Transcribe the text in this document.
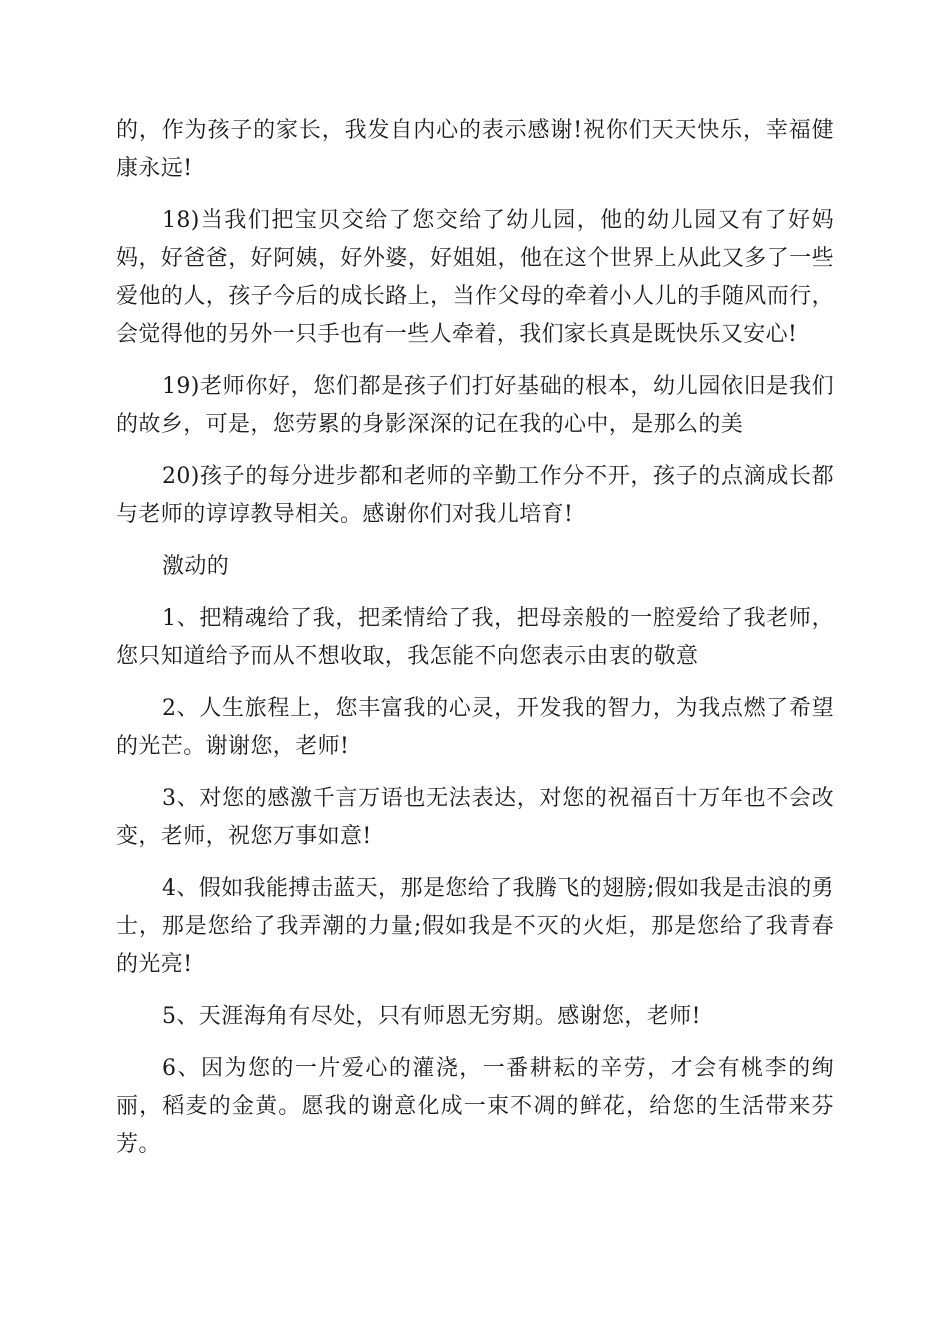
的，作为孩子的家长，我发自内心的表示感谢!祝你们天天快乐，幸福健康永远!

18)当我们把宝贝交给了您交给了幼儿园，他的幼儿园又有了好妈妈，好爸爸，好阿姨，好外婆，好姐姐，他在这个世界上从此又多了一些爱他的人，孩子今后的成长路上，当作父母的牵着小人儿的手随风而行，会觉得他的另外一只手也有一些人牵着，我们家长真是既快乐又安心!

19)老师你好，您们都是孩子们打好基础的根本，幼儿园依旧是我们的故乡，可是，您劳累的身影深深的记在我的心中，是那么的美

20)孩子的每分进步都和老师的辛勤工作分不开，孩子的点滴成长都与老师的谆谆教导相关。感谢你们对我儿培育!

激动的

1、把精魂给了我，把柔情给了我，把母亲般的一腔爱给了我老师，您只知道给予而从不想收取，我怎能不向您表示由衷的敬意

2、人生旅程上，您丰富我的心灵，开发我的智力，为我点燃了希望的光芒。谢谢您，老师!

3、对您的感激千言万语也无法表达，对您的祝福百十万年也不会改变，老师，祝您万事如意!

4、假如我能搏击蓝天，那是您给了我腾飞的翅膀;假如我是击浪的勇士，那是您给了我弄潮的力量;假如我是不灭的火炬，那是您给了我青春的光亮!

5、天涯海角有尽处，只有师恩无穷期。感谢您，老师!

6、因为您的一片爱心的灌浇，一番耕耘的辛劳，才会有桃李的绚丽，稻麦的金黄。愿我的谢意化成一束不凋的鲜花，给您的生活带来芬芳。
